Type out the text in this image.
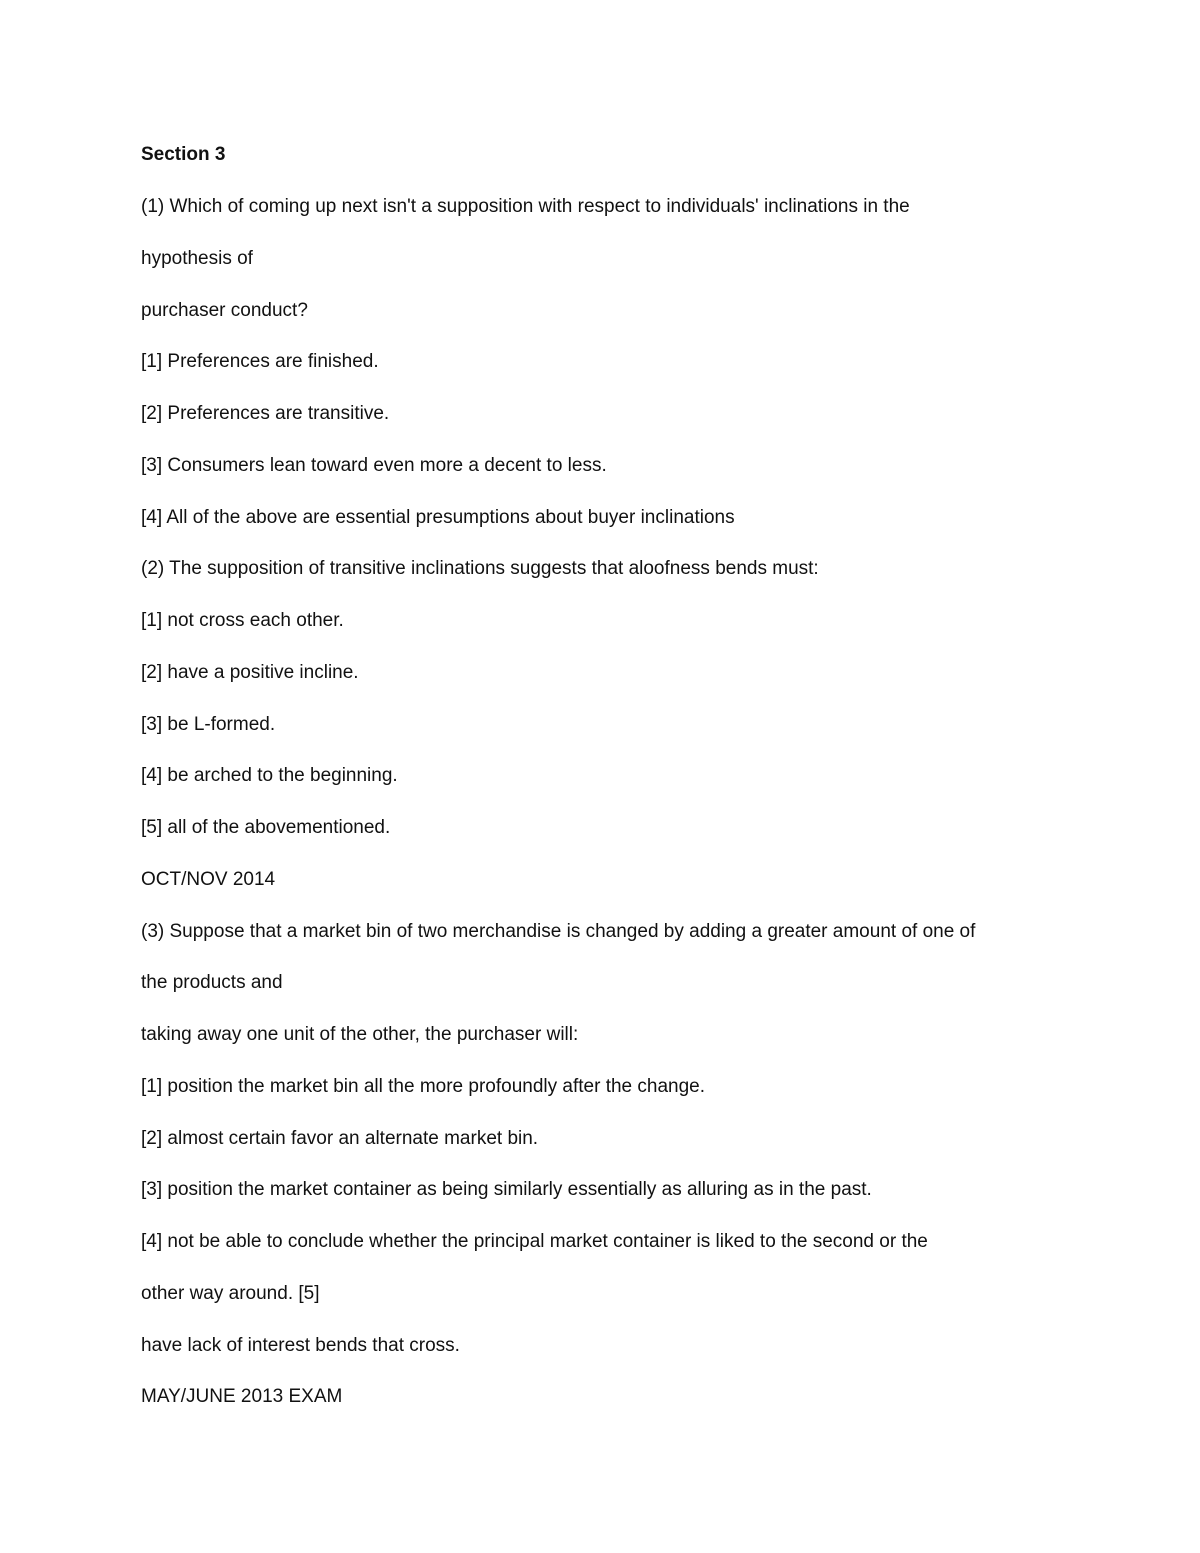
Section 3

(1) Which of coming up next isn't a supposition with respect to individuals' inclinations in the

hypothesis of

purchaser conduct?

[1] Preferences are finished.

[2] Preferences are transitive.

[3] Consumers lean toward even more a decent to less.

[4] All of the above are essential presumptions about buyer inclinations

(2) The supposition of transitive inclinations suggests that aloofness bends must:

[1] not cross each other.

[2] have a positive incline.

[3] be L-formed.

[4] be arched to the beginning.

[5] all of the abovementioned.

OCT/NOV 2014

(3) Suppose that a market bin of two merchandise is changed by adding a greater amount of one of

the products and

taking away one unit of the other, the purchaser will:

[1] position the market bin all the more profoundly after the change.

[2] almost certain favor an alternate market bin.

[3] position the market container as being similarly essentially as alluring as in the past.

[4] not be able to conclude whether the principal market container is liked to the second or the

other way around. [5]

have lack of interest bends that cross.

MAY/JUNE 2013 EXAM
